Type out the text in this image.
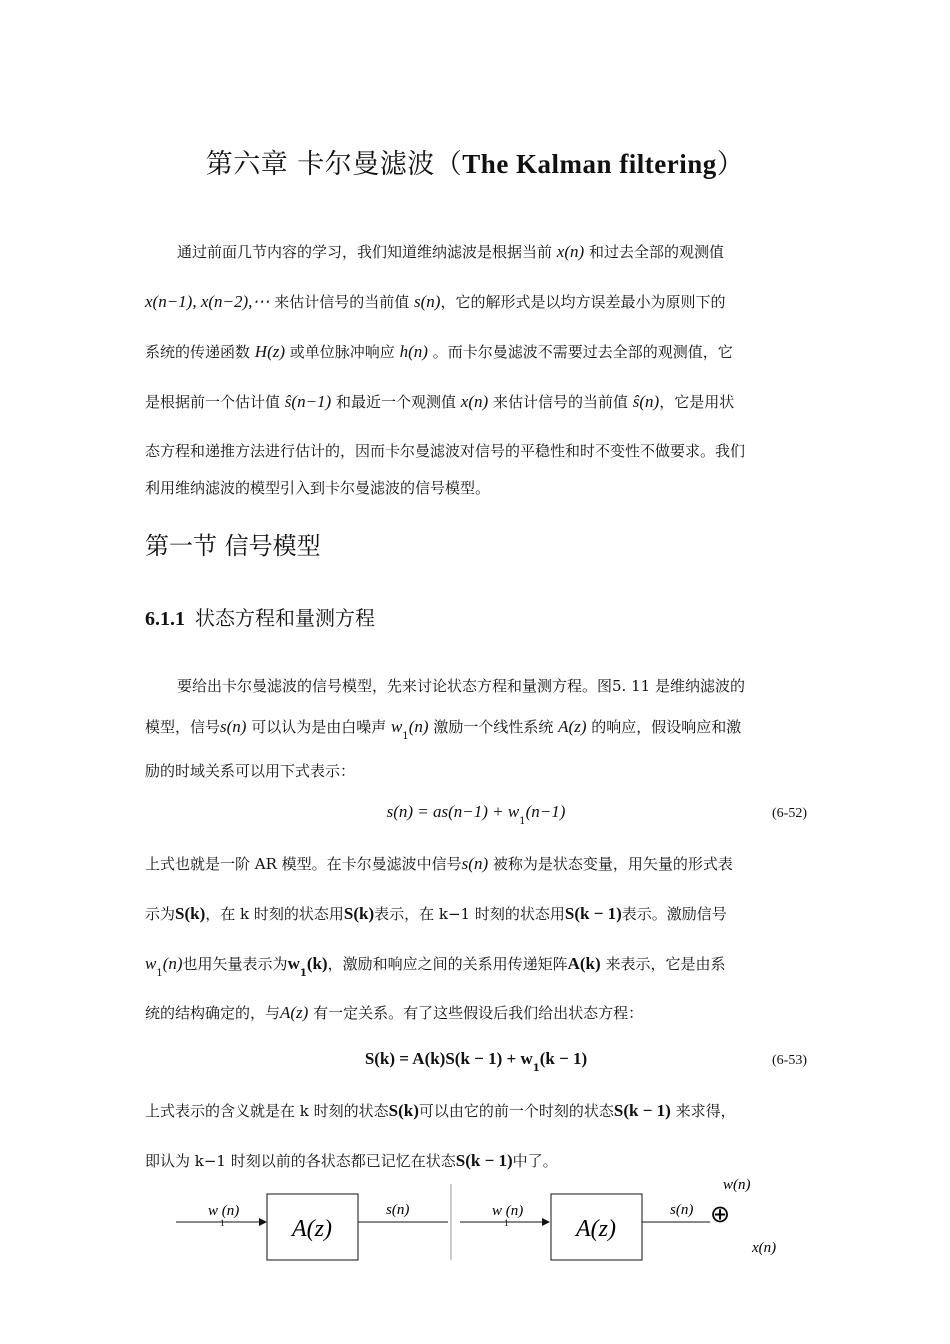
第六章 卡尔曼滤波（The Kalman filtering）
通过前面几节内容的学习，我们知道维纳滤波是根据当前 x(n) 和过去全部的观测值
x(n−1), x(n−2),⋯ 来估计信号的当前值 s(n)，它的解形式是以均方误差最小为原则下的
系统的传递函数 H(z) 或单位脉冲响应 h(n) 。而卡尔曼滤波不需要过去全部的观测值，它
是根据前一个估计值 ŝ(n−1) 和最近一个观测值 x(n) 来估计信号的当前值 ŝ(n)，它是用状
态方程和递推方法进行估计的，因而卡尔曼滤波对信号的平稳性和时不变性不做要求。我们
利用维纳滤波的模型引入到卡尔曼滤波的信号模型。
第一节 信号模型
6.1.1 状态方程和量测方程
要给出卡尔曼滤波的信号模型，先来讨论状态方程和量测方程。图5. 11 是维纳滤波的
模型，信号s(n) 可以认为是由白噪声 $w_1(n)$ 激励一个线性系统 A(z) 的响应，假设响应和激
励的时域关系可以用下式表示：
$s(n) = as(n-1) + w_1(n-1)$	(6-52)
上式也就是一阶 AR 模型。在卡尔曼滤波中信号s(n) 被称为是状态变量，用矢量的形式表
示为S(k)，在 k 时刻的状态用S(k)表示，在 k−1 时刻的状态用S(k − 1)表示。激励信号
$w_1(n)$也用矢量表示为$w_1(k)$，激励和响应之间的关系用传递矩阵A(k) 来表示，它是由系
统的结构确定的，与A(z) 有一定关系。有了这些假设后我们给出状态方程：
$S(k) = A(k)S(k - 1) + w_1(k - 1)$	(6-53)
上式表示的含义就是在 k 时刻的状态S(k)可以由它的前一个时刻的状态S(k − 1) 来求得，
即认为 k−1 时刻以前的各状态都已记忆在状态S(k − 1)中了。
w (n)
1	A(z)
s(n)	w (n)
1	A(z)
s(n) ⊕
w(n)
x(n)
